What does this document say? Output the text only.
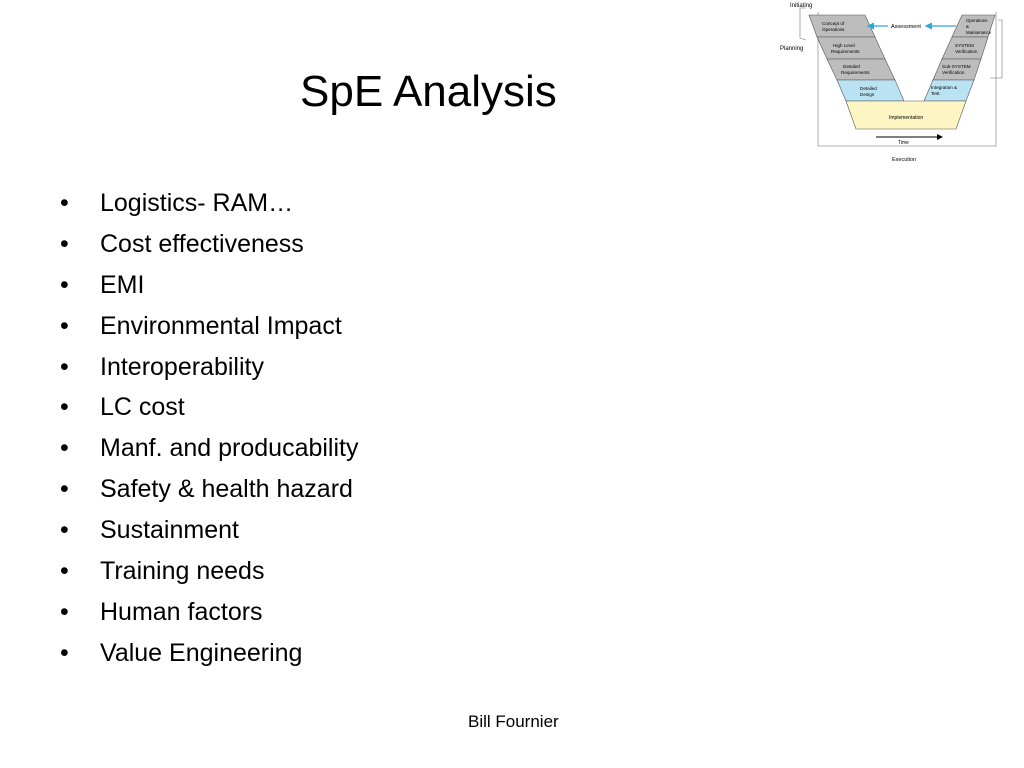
SpE Analysis
• Logistics- RAM…
• Cost effectiveness
• EMI
• Environmental Impact
• Interoperability
• LC cost
• Manf. and producability
• Safety & health hazard
• Sustainment
• Training needs
• Human factors
• Value Engineering
Initiating
Planning
Assessment
Time
Execution
Concept of Operations
High Level Requirements
Detailed Requirements
Detailed Design
Operations & Maintenance
SYSTEM Verification
Sub-SYSTEM Verification
Integration & Test
Implementation
Bill Fournier
